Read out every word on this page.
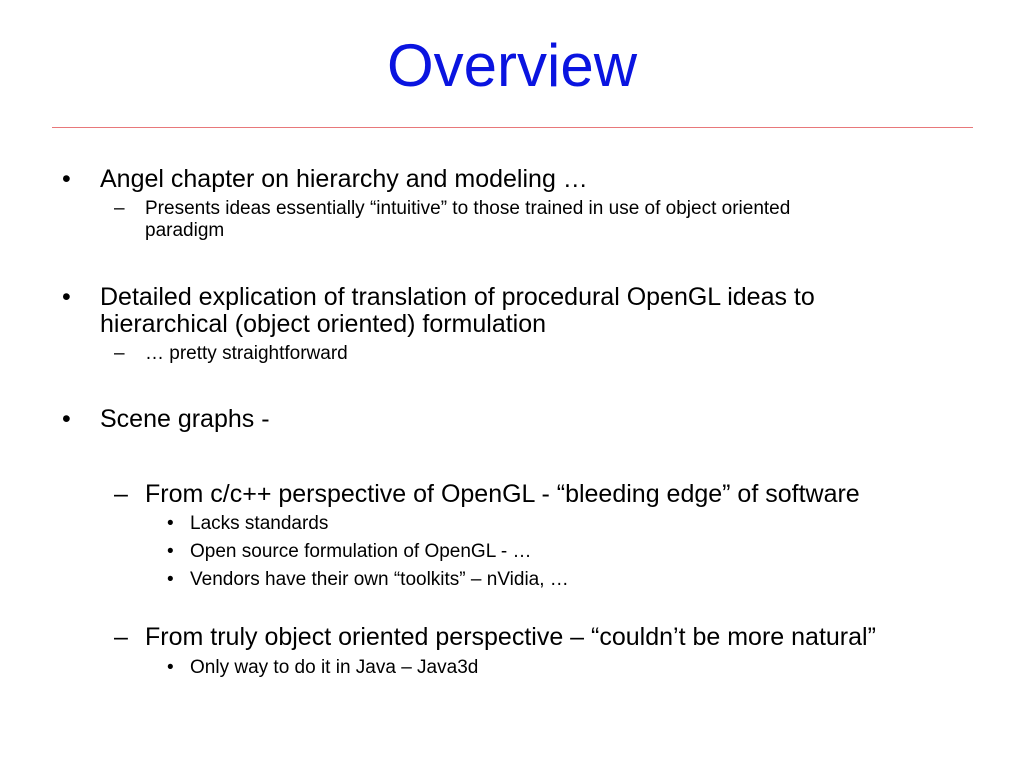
Overview
• Angel chapter on hierarchy and modeling …
– Presents ideas essentially “intuitive” to those trained in use of object oriented
paradigm
• Detailed explication of translation of procedural OpenGL ideas to
hierarchical (object oriented) formulation
– … pretty straightforward
• Scene graphs -
– From c/c++ perspective of OpenGL - “bleeding edge” of software
• Lacks standards
• Open source formulation of OpenGL - …
• Vendors have their own “toolkits” – nVidia, …
– From truly object oriented perspective – “couldn’t be more natural”
• Only way to do it in Java – Java3d
